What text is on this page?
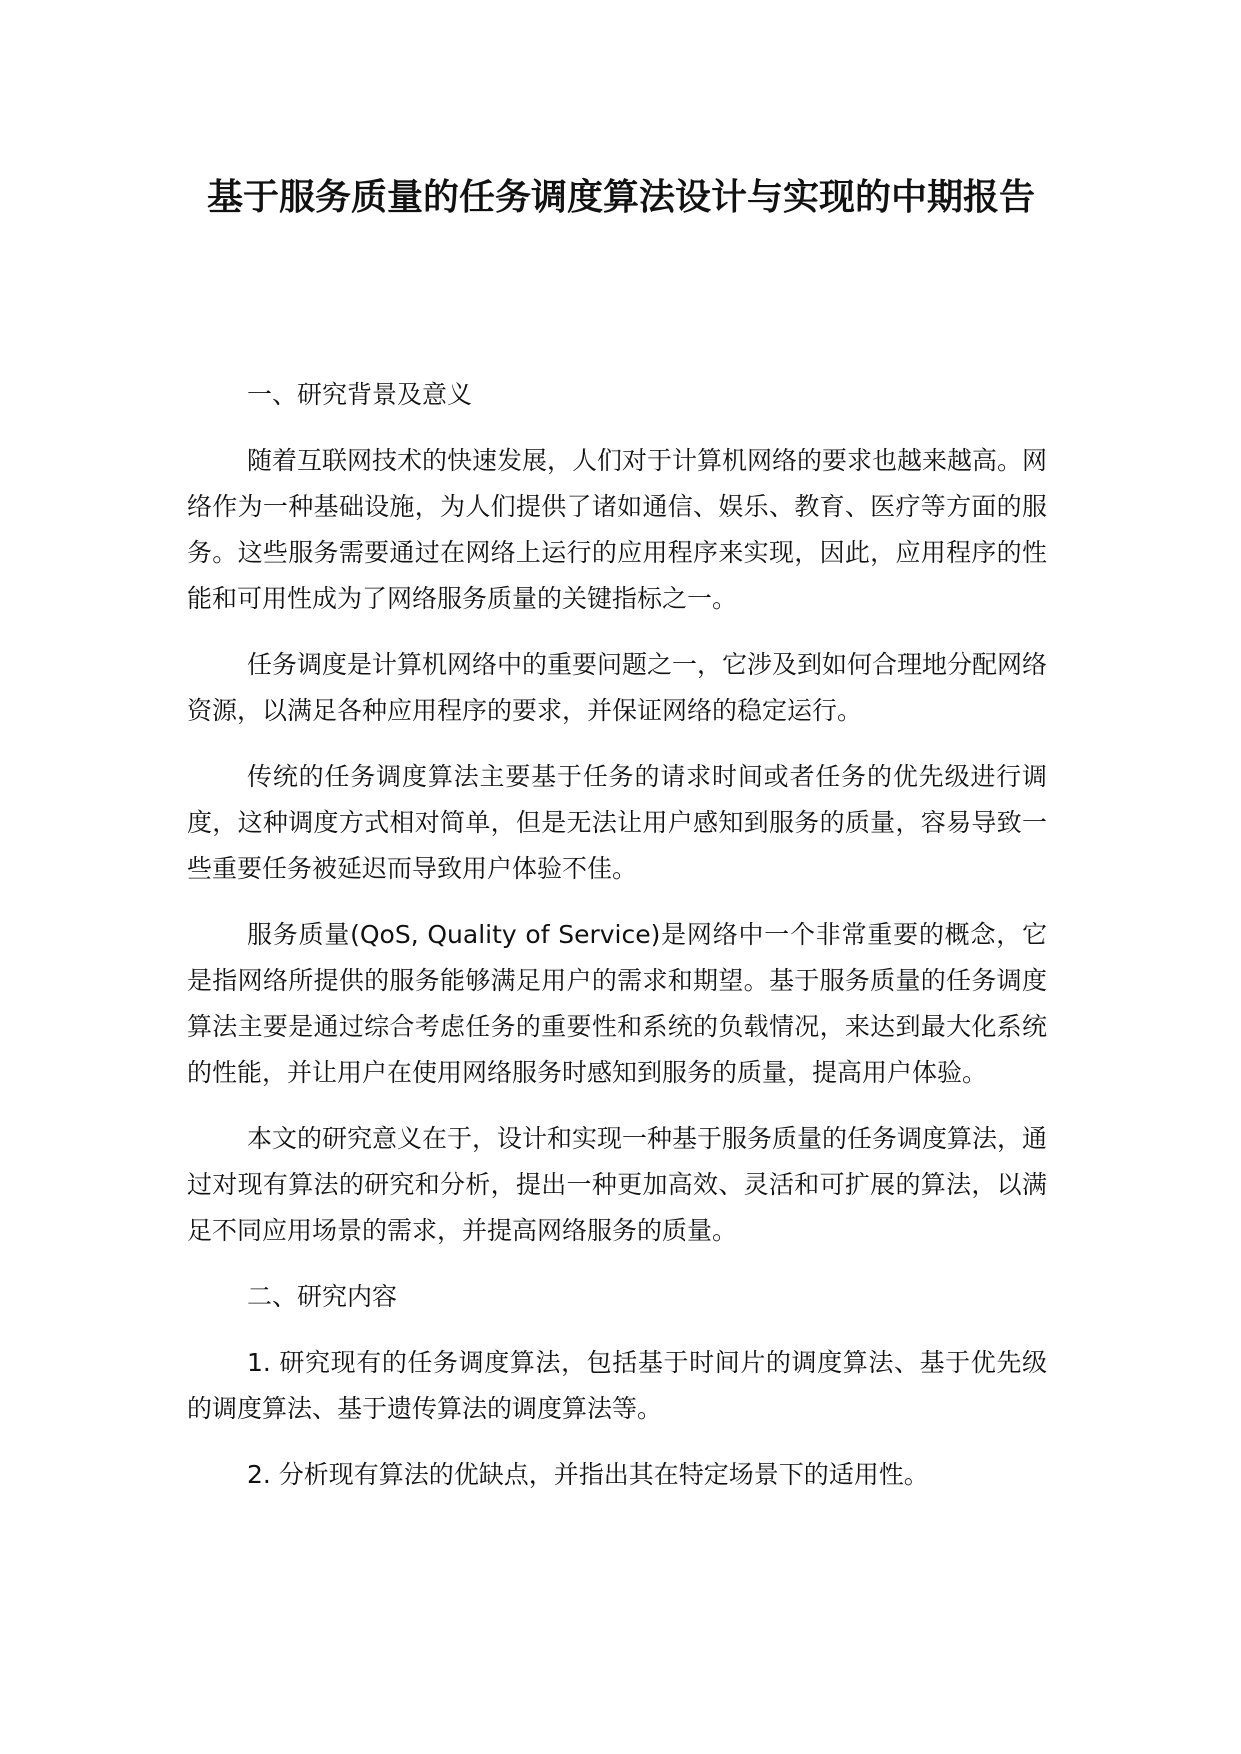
基于服务质量的任务调度算法设计与实现的中期报告
一、研究背景及意义
随着互联网技术的快速发展，人们对于计算机网络的要求也越来越高。网络作为一种基础设施，为人们提供了诸如通信、娱乐、教育、医疗等方面的服务。这些服务需要通过在网络上运行的应用程序来实现，因此，应用程序的性能和可用性成为了网络服务质量的关键指标之一。
任务调度是计算机网络中的重要问题之一，它涉及到如何合理地分配网络资源，以满足各种应用程序的要求，并保证网络的稳定运行。
传统的任务调度算法主要基于任务的请求时间或者任务的优先级进行调度，这种调度方式相对简单，但是无法让用户感知到服务的质量，容易导致一些重要任务被延迟而导致用户体验不佳。
服务质量(QoS, Quality of Service)是网络中一个非常重要的概念，它是指网络所提供的服务能够满足用户的需求和期望。基于服务质量的任务调度算法主要是通过综合考虑任务的重要性和系统的负载情况，来达到最大化系统的性能，并让用户在使用网络服务时感知到服务的质量，提高用户体验。
本文的研究意义在于，设计和实现一种基于服务质量的任务调度算法，通过对现有算法的研究和分析，提出一种更加高效、灵活和可扩展的算法，以满足不同应用场景的需求，并提高网络服务的质量。
二、研究内容
1. 研究现有的任务调度算法，包括基于时间片的调度算法、基于优先级的调度算法、基于遗传算法的调度算法等。
2. 分析现有算法的优缺点，并指出其在特定场景下的适用性。
